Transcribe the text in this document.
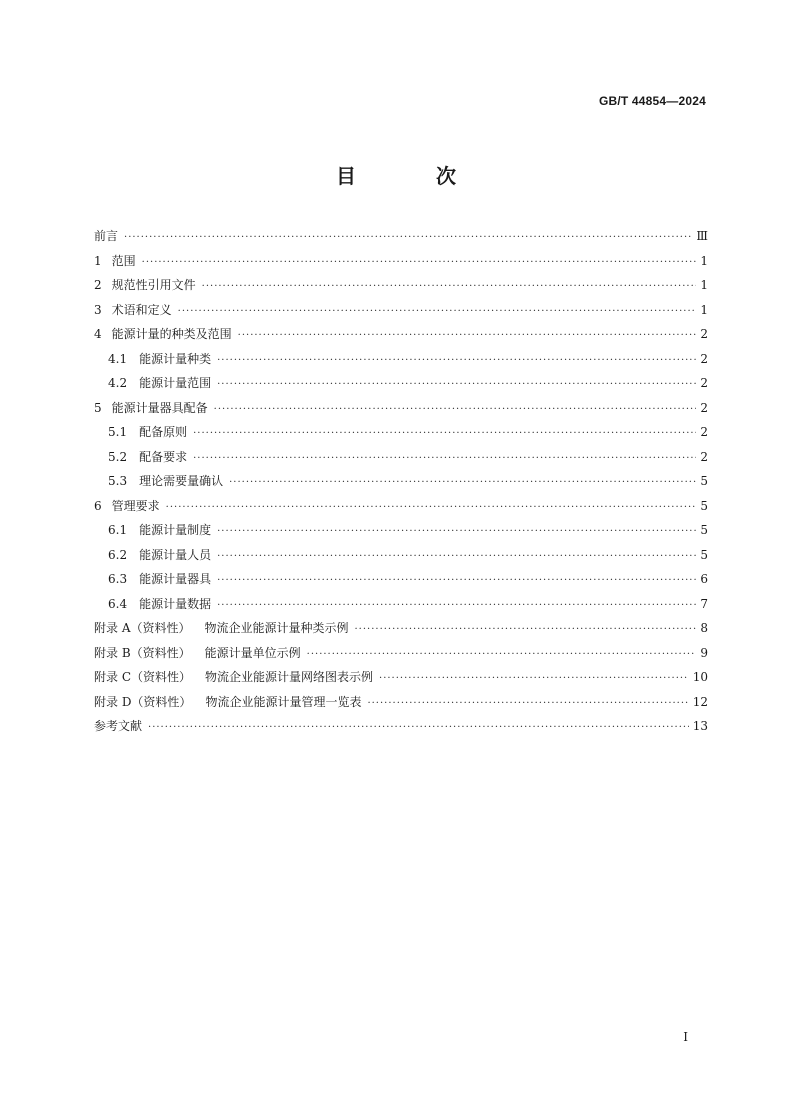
GB/T 44854—2024
目　次
前言 ·····	Ⅲ
1 范围 ·····	1
2 规范性引用文件 ·····	1
3 术语和定义 ·····	1
4 能源计量的种类及范围 ·····	2
4.1 能源计量种类 ·····	2
4.2 能源计量范围 ·····	2
5 能源计量器具配备 ·····	2
5.1 配备原则 ·····	2
5.2 配备要求 ·····	2
5.3 理论需要量确认 ·····	5
6 管理要求 ·····	5
6.1 能源计量制度 ·····	5
6.2 能源计量人员 ·····	5
6.3 能源计量器具 ·····	6
6.4 能源计量数据 ·····	7
附录 A（资料性） 物流企业能源计量种类示例 ·····	8
附录 B（资料性） 能源计量单位示例 ·····	9
附录 C（资料性） 物流企业能源计量网络图表示例 ·····	10
附录 D（资料性） 物流企业能源计量管理一览表 ·····	12
参考文献 ·····	13
I
